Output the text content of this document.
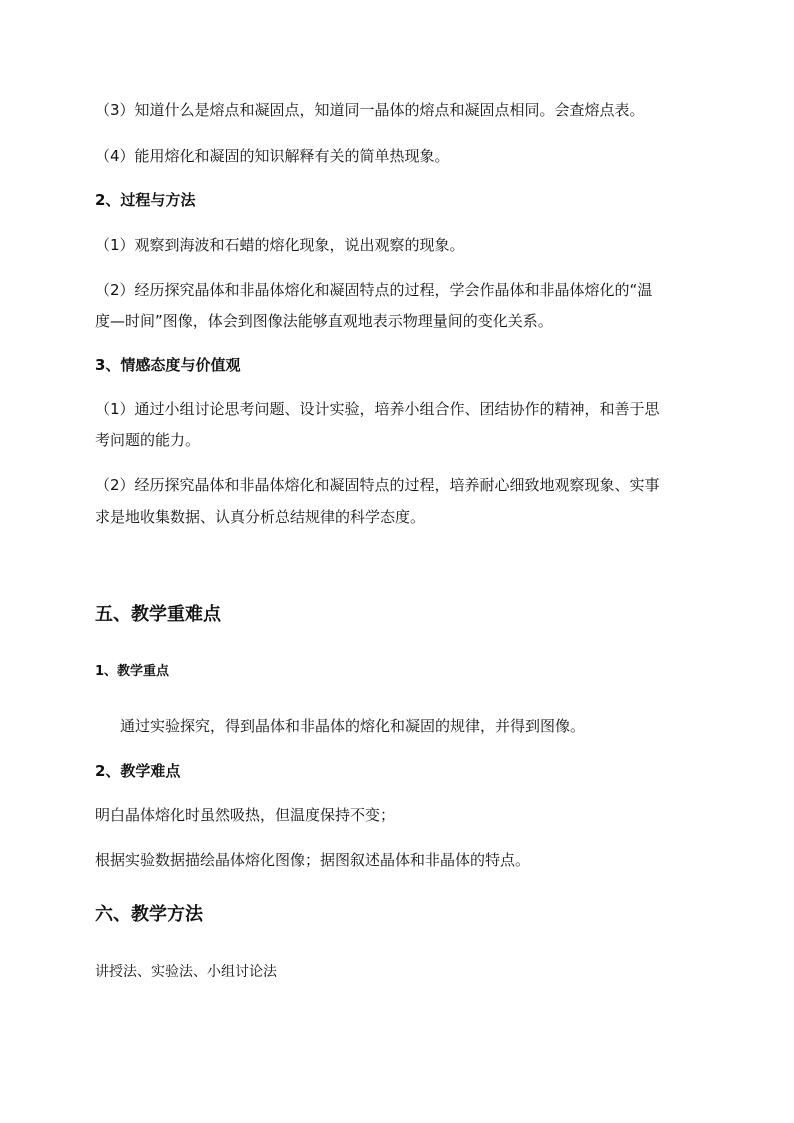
（3）知道什么是熔点和凝固点，知道同一晶体的熔点和凝固点相同。会查熔点表。
（4）能用熔化和凝固的知识解释有关的简单热现象。
2、过程与方法
（1）观察到海波和石蜡的熔化现象，说出观察的现象。
（2）经历探究晶体和非晶体熔化和凝固特点的过程，学会作晶体和非晶体熔化的“温
度—时间”图像，体会到图像法能够直观地表示物理量间的变化关系。
3、情感态度与价值观
（1）通过小组讨论思考问题、设计实验，培养小组合作、团结协作的精神，和善于思
考问题的能力。
（2）经历探究晶体和非晶体熔化和凝固特点的过程，培养耐心细致地观察现象、实事
求是地收集数据、认真分析总结规律的科学态度。
五、教学重难点
1、教学重点
通过实验探究，得到晶体和非晶体的熔化和凝固的规律，并得到图像。
2、教学难点
明白晶体熔化时虽然吸热，但温度保持不变；
根据实验数据描绘晶体熔化图像；据图叙述晶体和非晶体的特点。
六、教学方法
讲授法、实验法、小组讨论法
